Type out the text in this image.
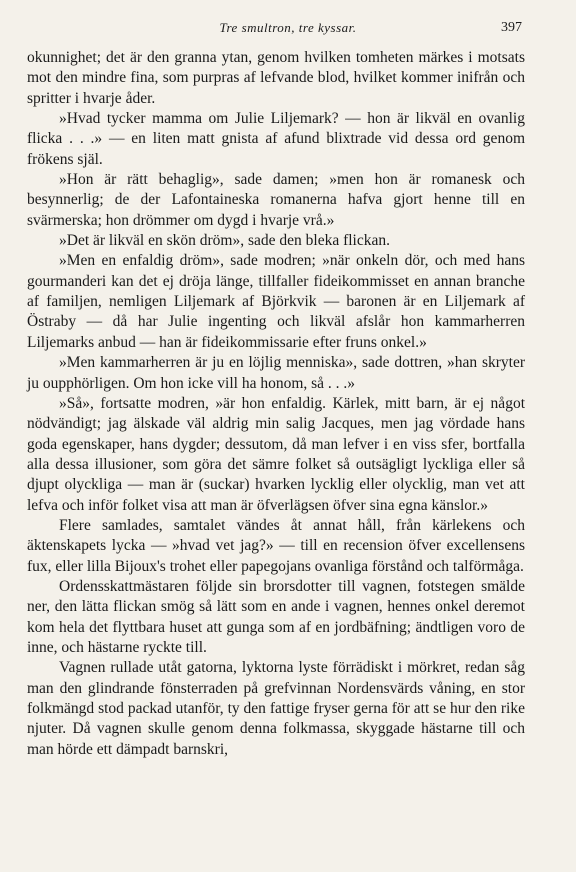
Tre smultron, tre kyssar.	397

okunnighet; det är den granna ytan, genom hvilken tomheten märkes i motsats mot den mindre fina, som purpras af lefvande blod, hvilket kommer inifrån och spritter i hvarje åder.

»Hvad tycker mamma om Julie Liljemark? — hon är likväl en ovanlig flicka . . .» — en liten matt gnista af afund blixtrade vid dessa ord genom frökens själ.

»Hon är rätt behaglig», sade damen; »men hon är romanesk och besynnerlig; de der Lafontaineska romanerna hafva gjort henne till en svärmerska; hon drömmer om dygd i hvarje vrå.»

»Det är likväl en skön dröm», sade den bleka flickan.

»Men en enfaldig dröm», sade modren; »när onkeln dör, och med hans gourmanderi kan det ej dröja länge, tillfaller fideikommisset en annan branche af familjen, nemligen Liljemark af Björkvik — baronen är en Liljemark af Östraby — då har Julie ingenting och likväl afslår hon kammarherren Liljemarks anbud — han är fideikommissarie efter fruns onkel.»

»Men kammarherren är ju en löjlig menniska», sade dottren, »han skryter ju oupphörligen. Om hon icke vill ha honom, så . . .»

»Så», fortsatte modren, »är hon enfaldig. Kärlek, mitt barn, är ej något nödvändigt; jag älskade väl aldrig min salig Jacques, men jag vördade hans goda egenskaper, hans dygder; dessutom, då man lefver i en viss sfer, bortfalla alla dessa illusioner, som göra det sämre folket så outsägligt lyckliga eller så djupt olyckliga — man är (suckar) hvarken lycklig eller olycklig, man vet att lefva och inför folket visa att man är öfverlägsen öfver sina egna känslor.»

Flere samlades, samtalet vändes åt annat håll, från kärlekens och äktenskapets lycka — »hvad vet jag?» — till en recension öfver excellensens fux, eller lilla Bijoux's trohet eller papegojans ovanliga förstånd och talförmåga.

Ordensskattmästaren följde sin brorsdotter till vagnen, fotstegen smälde ner, den lätta flickan smög så lätt som en ande i vagnen, hennes onkel deremot kom hela det flyttbara huset att gunga som af en jordbäfning; ändtligen voro de inne, och hästarne ryckte till.

Vagnen rullade utåt gatorna, lyktorna lyste förrädiskt i mörkret, redan såg man den glindrande fönsterraden på grefvinnan Nordensvärds våning, en stor folkmängd stod packad utanför, ty den fattige fryser gerna för att se hur den rike njuter. Då vagnen skulle genom denna folkmassa, skyggade hästarne till och man hörde ett dämpadt barnskri,
